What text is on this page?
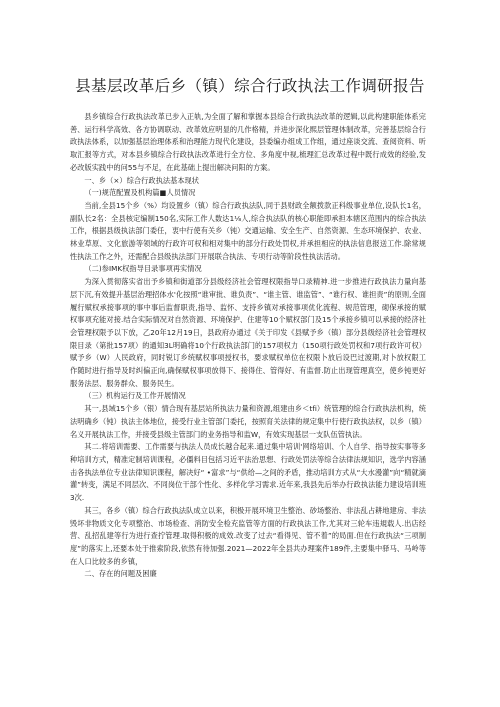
县基层改革后乡（镇）综合行政执法工作调研报告

县乡镇综合行政执法改革已步入正轨,为全面了解和掌握本县综合行政执法改革的逻辑,以此构建职能体系完善、运行科学高效、各方协调联动、改革效应明显的几作格精，并进步深化熙层管理体制改革，完善基层综合行政执法体系，以加强基层治理体系和治理能力现代化建设，县委编办组成工作组，通过座谈交流、查阅资料、听取汇报等方式，对本县乡镇综合行政执法改革进行全方位、多角度中视,梳理汇总改革过程中既行成效的经验,发必改版实践中的问55与不足，在此基础上提出解决问阳的方案。

一、乡（×）综合行政执法基本现状

（一)规范配置及机构篇■人员情况

当前,全县15个乡（%）均设置乡（镇）综合行政执法队,同于县财政全额拨款正科级事业单位,设队长1名，副队长2名：全县核定编制150名,实际工作人数达1⅛人,综合执法队的核心职能即承担本辖区范围内的综合执法工作，根据县级执法部门委任，衷中行使有关乡（钝）交通运输、安全生产、自然资源、生态环境保护、农业、林业草原、文化旅游等领域的行政许可权和相对集中的部分行政处罚权,并承担相应的执法信息报送工作.除常规性执法工作之外，还需配合县级执法部门开展联合执法、专项行动等阶段性执法活动。

（二)参IMK权指导目录事项再实情况

为深入贯彻落实省出予乡镇和街道部分县级经济社会管理权限指导口录精神.进一步推进行政执法力量向基层下沉,有效提升基层治理招体水'化按照“谁审批、谁负责”、“谁主管、谁监管”、“谁行权、谁担责”的原则,全面履行赋权承接事项的事中事后监督职责,指导、监怀、支持乡镇对承接事项优化流程、规范管理，砌保承接的赋权事项充能对接.结合实际情况对自然资源、环境保护、住建等10个赋权部门及15个承接乡镇可以承接的经济社会管理权限予以下放，乙20年12月19日，县政府办通过《关于印发《县赋予乡（镇）部分县级经济社会管理权限目录（第批157项）的通知3L明确将10个行政执法部门的157项权力（150项行政处罚权和7项行政许可权）赋予乡（W）人民政府，同时锐订乡统赋权事项授权书，要求赋权单位在权限卜放后设巴过渡期,对卜放权限工作随时进行指导及时纠偏正向,确保赋权事项放得下、接得住、管得好、有监督.防止出现管理真空，使乡钝更好服务法层、服务群众、服务民生。

（三）机构运行及工作开展情况

其一,县域15个乡（银）情合现有基层站所执法力量和资源,组建由乡＜tfi）统管理的综合行政执法机构，统法明确乡（钝）执法主体地位，接受行业主管部门委托，按照育关法律的规定集中行使行政执法权，以乡（镇）名义开展执法工作，并接受县级主管部门的业务指导和监W，有效实现基层一支队伍管执法。

其二.将培训需要、工作需要与执法人员成长越合起来.通过集中培训'网络培训、个人自学、指导按实事等多种培训方式，精准定制培训课程，必僵料目包括习近平法治思想、行政处罚法等综合法律法规知识，选学内容涵击各执法单位专业法律知识课程，解决好“ •富求”与“供给—之间的矛盾，推动培训方式从“大水漫灌”向“精就滴灌”转变，满足不同层次、不同岗位干部个性化、多样化学习需求.近年来,我县先后举办行政执法能力建设培训班3次.

其三，各乡（镇）综合行政执法队成立以来，积极开展环境卫生整治、砂场整治、非法乱占耕地建房、非法毁坏非物质文化专项整治、市场检查、消防安全检充监管等方面的行政执法工作,尤其对三轮车违規载人.出店经营、乱招乱建等行为进行查拧管理.取得积极的成效.改变了过去“看得见、管不着”的局面.但在行政执法“三项制度”的落实上,还要本处于推索阶段,依然有待加强.2021—2022年全县共办理案件189件,主要集中驿马、马岭等在人口比较多的乡镇，

二、存在的问题及困廉
